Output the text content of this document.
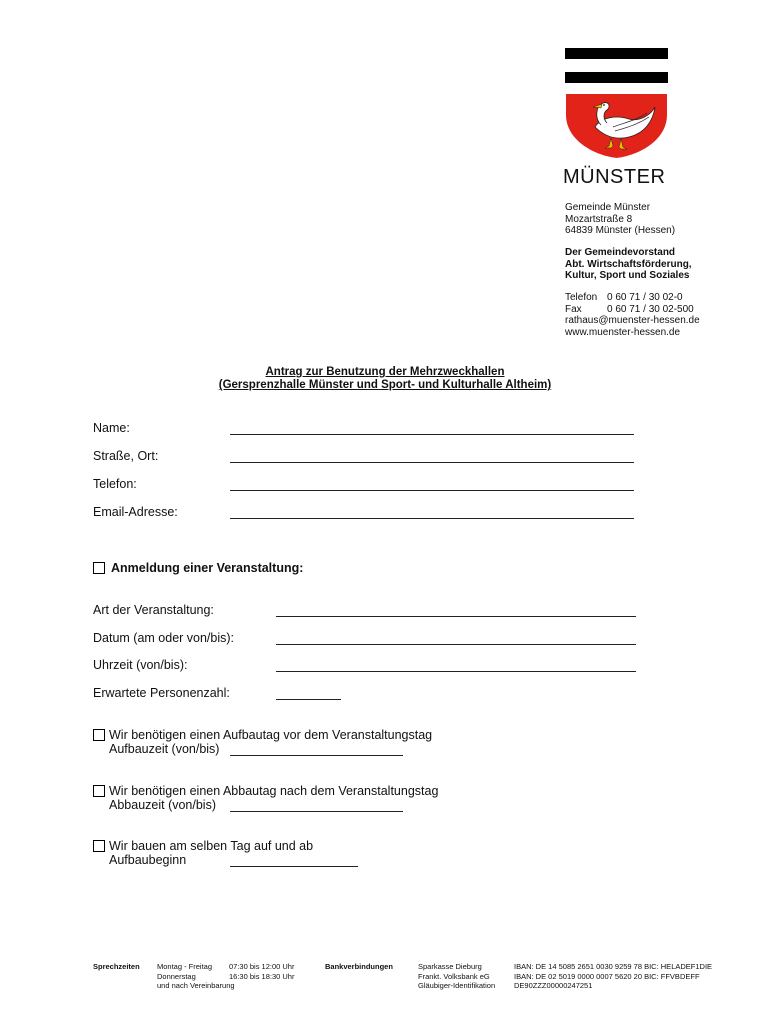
MÜNSTER
Gemeinde Münster
Mozartstraße 8
64839 Münster (Hessen)
Der Gemeindevorstand
Abt. Wirtschaftsförderung,
Kultur, Sport und Soziales
Telefon 0 60 71 / 30 02-0
Fax	0 60 71 / 30 02-500
rathaus@muenster-hessen.de
www.muenster-hessen.de
Antrag zur Benutzung der Mehrzweckhallen
(Gersprenzhalle Münster und Sport- und Kulturhalle Altheim)
Name:
Straße, Ort:
Telefon:
Email-Adresse:
Anmeldung einer Veranstaltung:
Art der Veranstaltung:
Datum (am oder von/bis):
Uhrzeit (von/bis):
Erwartete Personenzahl:
Wir benötigen einen Aufbautag vor dem Veranstaltungstag
Aufbauzeit (von/bis)
Wir benötigen einen Abbautag nach dem Veranstaltungstag
Abbauzeit (von/bis)
Wir bauen am selben Tag auf und ab
Aufbaubeginn
Sprechzeiten Montag - Freitag
Donnerstag
und nach Vereinbarung
07:30 bis 12:00 Uhr
16:30 bis 18:30 Uhr
Bankverbindungen	Sparkasse Dieburg
Frankt. Volksbank eG
Gläubiger-Identifikation
IBAN: DE 14 5085 2651 0030 9259 78 BIC: HELADEF1DIE
IBAN: DE 02 5019 0000 0007 5620 20 BIC: FFVBDEFF
DE90ZZZ00000247251
